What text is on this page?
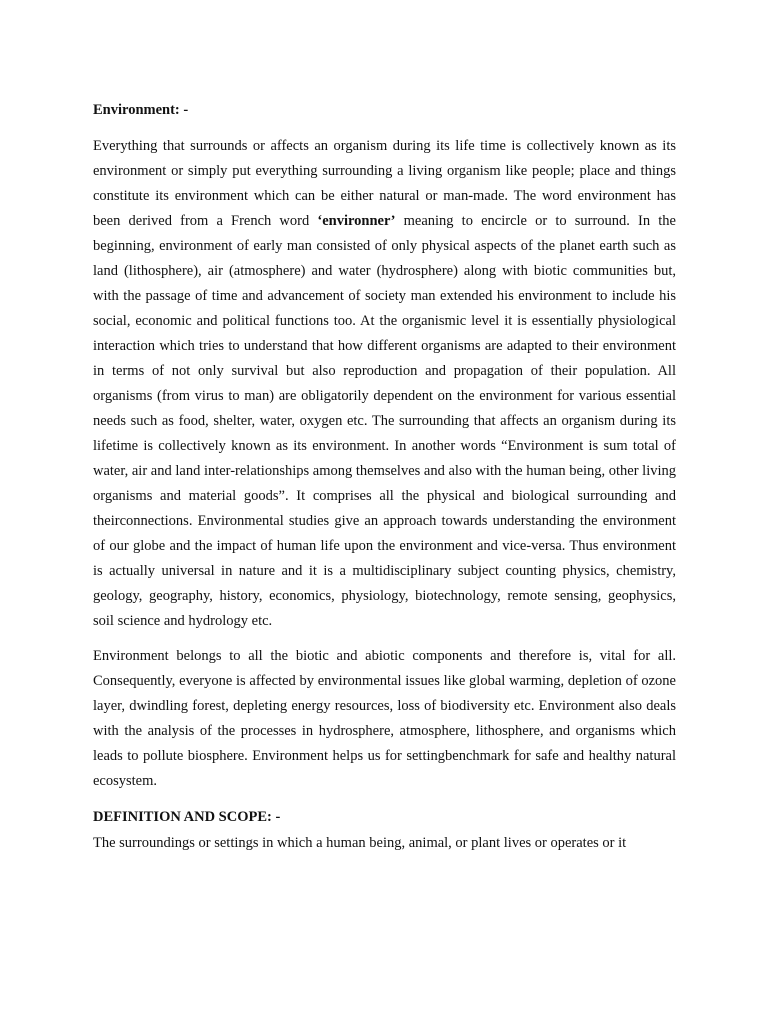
Environment: -

Everything that surrounds or affects an organism during its life time is collectively known as its environment or simply put everything surrounding a living organism like people; place and things constitute its environment which can be either natural or man-made. The word environment has been derived from a French word ‘environner’ meaning to encircle or to surround. In the beginning, environment of early man consisted of only physical aspects of the planet earth such as land (lithosphere), air (atmosphere) and water (hydrosphere) along with biotic communities but, with the passage of time and advancement of society man extended his environment to include his social, economic and political functions too. At the organismic level it is essentially physiological interaction which tries to understand that how different organisms are adapted to their environment in terms of not only survival but also reproduction and propagation of their population. All organisms (from virus to man) are obligatorily dependent on the environment for various essential needs such as food, shelter, water, oxygen etc. The surrounding that affects an organism during its lifetime is collectively known as its environment. In another words “Environment is sum total of water, air and land inter-relationships among themselves and also with the human being, other living organisms and material goods”. It comprises all the physical and biological surrounding and theirconnections. Environmental studies give an approach towards understanding the environment of our globe and the impact of human life upon the environment and vice-versa. Thus environment is actually universal in nature and it is a multidisciplinary subject counting physics, chemistry, geology, geography, history, economics, physiology, biotechnology, remote sensing, geophysics, soil science and hydrology etc.

Environment belongs to all the biotic and abiotic components and therefore is, vital for all. Consequently, everyone is affected by environmental issues like global warming, depletion of ozone layer, dwindling forest, depleting energy resources, loss of biodiversity etc. Environment also deals with the analysis of the processes in hydrosphere, atmosphere, lithosphere, and organisms which leads to pollute biosphere. Environment helps us for settingbenchmark for safe and healthy natural ecosystem.

DEFINITION AND SCOPE: -

The surroundings or settings in which a human being, animal, or plant lives or operates or it
